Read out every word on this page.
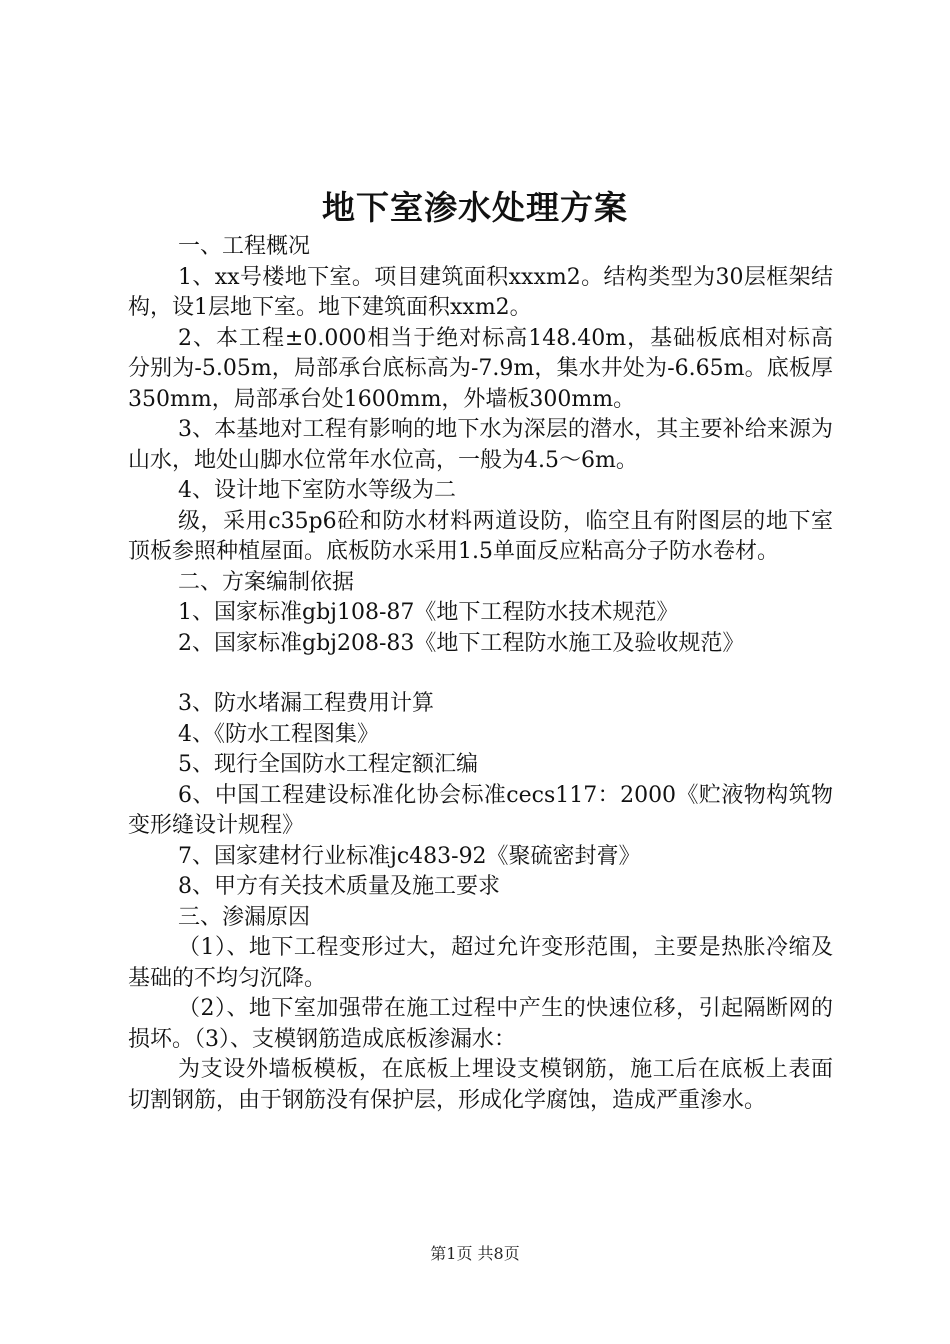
地下室渗水处理方案

一、工程概况

1、xx号楼地下室。项目建筑面积xxxm2。结构类型为30层框架结构，设1层地下室。地下建筑面积xxm2。

2、本工程±0.000相当于绝对标高148.40m，基础板底相对标高分别为-5.05m，局部承台底标高为-7.9m，集水井处为-6.65m。底板厚350mm，局部承台处1600mm，外墙板300mm。

3、本基地对工程有影响的地下水为深层的潜水，其主要补给来源为山水，地处山脚水位常年水位高，一般为4.5～6m。

4、设计地下室防水等级为二

级，采用c35p6砼和防水材料两道设防，临空且有附图层的地下室顶板参照种植屋面。底板防水采用1.5单面反应粘高分子防水卷材。

二、方案编制依据

1、国家标准gbj108-87《地下工程防水技术规范》

2、国家标准gbj208-83《地下工程防水施工及验收规范》

3、防水堵漏工程费用计算

4、《防水工程图集》

5、现行全国防水工程定额汇编

6、中国工程建设标准化协会标准cecs117：2000《贮液物构筑物变形缝设计规程》

7、国家建材行业标准jc483-92《聚硫密封膏》

8、甲方有关技术质量及施工要求

三、渗漏原因

（1）、地下工程变形过大，超过允许变形范围，主要是热胀冷缩及基础的不均匀沉降。

（2）、地下室加强带在施工过程中产生的快速位移，引起隔断网的损坏。（3）、支模钢筋造成底板渗漏水：

为支设外墙板模板，在底板上埋设支模钢筋，施工后在底板上表面切割钢筋，由于钢筋没有保护层，形成化学腐蚀，造成严重渗水。

第1页 共8页
